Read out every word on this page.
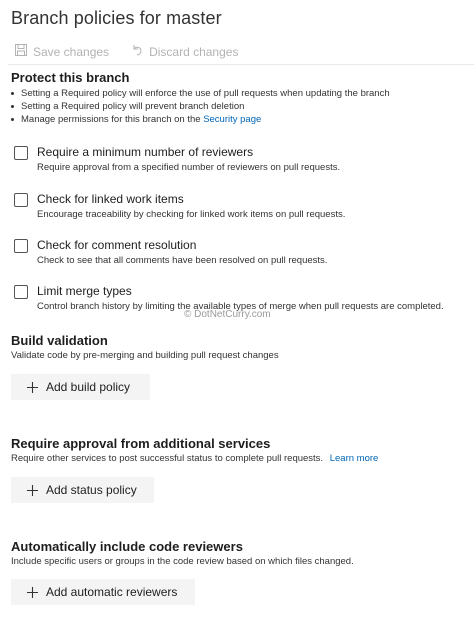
Branch policies for master
Save changes	Discard changes
Protect this branch
Setting a Required policy will enforce the use of pull requests when updating the branch
Setting a Required policy will prevent branch deletion
Manage permissions for this branch on the Security page
Require a minimum number of reviewers
Require approval from a specified number of reviewers on pull requests.
Check for linked work items
Encourage traceability by checking for linked work items on pull requests.
Check for comment resolution
Check to see that all comments have been resolved on pull requests.
Limit merge types
Control branch history by limiting the available types of merge when pull requests are completed.
© DotNetCurry.com
Build validation
Validate code by pre-merging and building pull request changes
Add build policy
Require approval from additional services
Require other services to post successful status to complete pull requests. Learn more
Add status policy
Automatically include code reviewers
Include specific users or groups in the code review based on which files changed.
Add automatic reviewers
